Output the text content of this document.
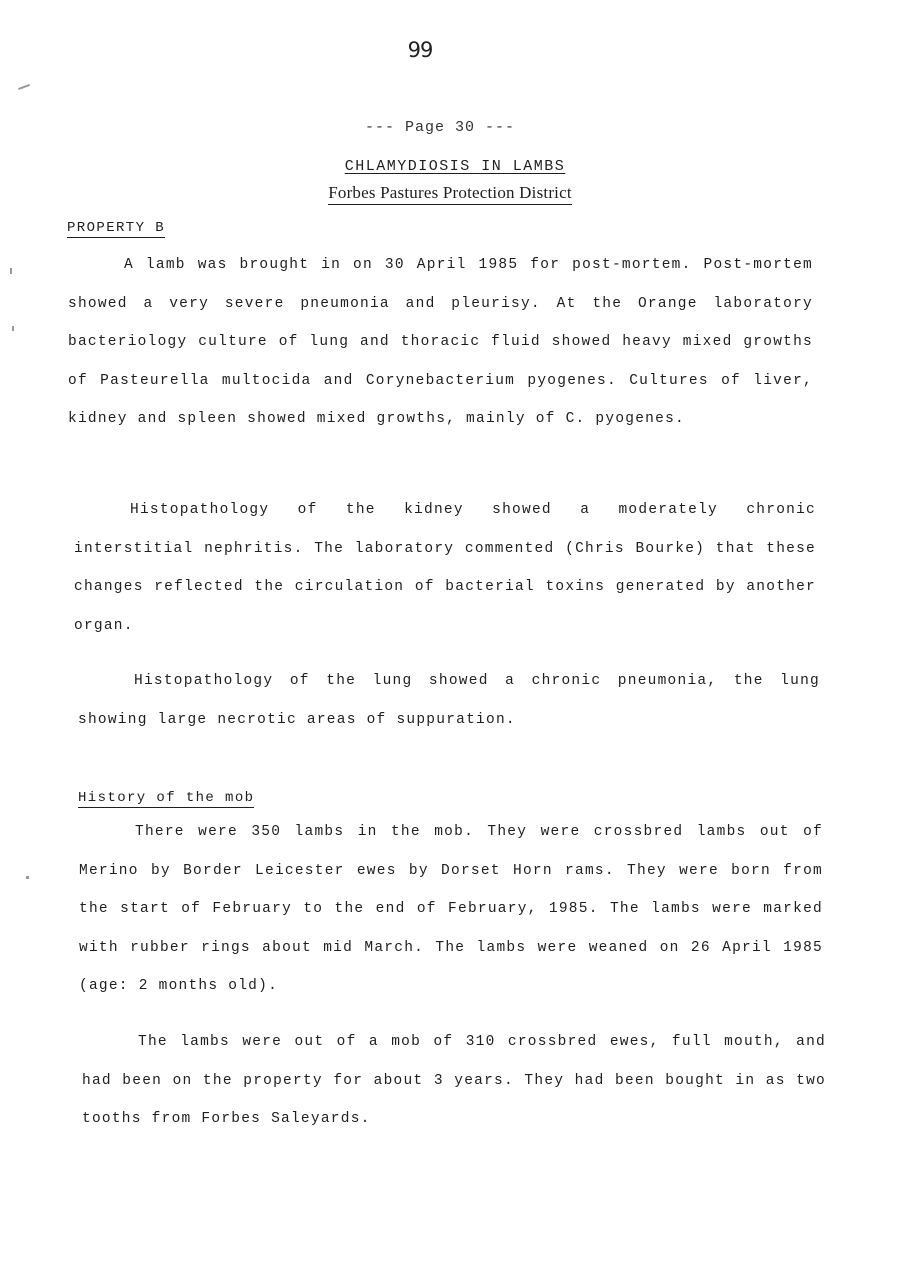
99
--- Page 30 ---
CHLAMYDIOSIS IN LAMBS
Forbes Pastures Protection District
PROPERTY B
A lamb was brought in on 30 April 1985 for post-mortem. Post-mortem showed a very severe pneumonia and pleurisy. At the Orange laboratory bacteriology culture of lung and thoracic fluid showed heavy mixed growths of Pasteurella multocida and Corynebacterium pyogenes. Cultures of liver, kidney and spleen showed mixed growths, mainly of C. pyogenes.
Histopathology of the kidney showed a moderately chronic interstitial nephritis. The laboratory commented (Chris Bourke) that these changes reflected the circulation of bacterial toxins generated by another organ.
Histopathology of the lung showed a chronic pneumonia, the lung showing large necrotic areas of suppuration.
History of the mob
There were 350 lambs in the mob. They were crossbred lambs out of Merino by Border Leicester ewes by Dorset Horn rams. They were born from the start of February to the end of February, 1985. The lambs were marked with rubber rings about mid March. The lambs were weaned on 26 April 1985 (age: 2 months old).
The lambs were out of a mob of 310 crossbred ewes, full mouth, and had been on the property for about 3 years. They had been bought in as two tooths from Forbes Saleyards.
